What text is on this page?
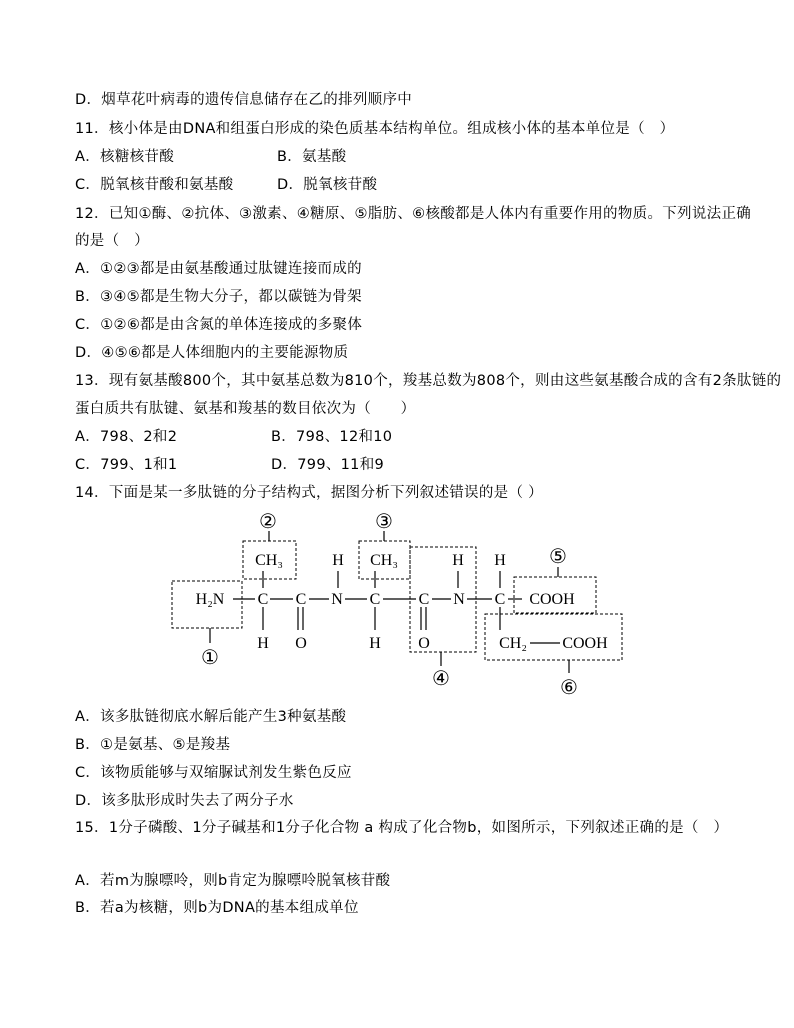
D．烟草花叶病毒的遗传信息储存在乙的排列顺序中
11．核小体是由DNA和组蛋白形成的染色质基本结构单位。组成核小体的基本单位是（　）
A．核糖核苷酸	B．氨基酸
C．脱氧核苷酸和氨基酸	D．脱氧核苷酸
12．已知①酶、②抗体、③激素、④糖原、⑤脂肪、⑥核酸都是人体内有重要作用的物质。下列说法正确
的是（　）
A．①②③都是由氨基酸通过肽键连接而成的
B．③④⑤都是生物大分子，都以碳链为骨架
C．①②⑥都是由含氮的单体连接成的多聚体
D．④⑤⑥都是人体细胞内的主要能源物质
13．现有氨基酸800个，其中氨基总数为810个，羧基总数为808个，则由这些氨基酸合成的含有2条肽链的
蛋白质共有肽键、氨基和羧基的数目依次为（　　）
A．798、2和2	B．798、12和10
C．799、1和1	D．799、11和9
14．下面是某一多肽链的分子结构式，据图分析下列叙述错误的是（ ）
②	③
⑤
①
④	⑥
CH₃	H CH₃	H H
H₂N C C N C C N C COOH
H O	H O	CH₂ COOH
A．该多肽链彻底水解后能产生3种氨基酸
B．①是氨基、⑤是羧基
C．该物质能够与双缩脲试剂发生紫色反应
D．该多肽形成时失去了两分子水
15．1分子磷酸、1分子碱基和1分子化合物 a 构成了化合物b，如图所示，下列叙述正确的是（　）
A．若m为腺嘌呤，则b肯定为腺嘌呤脱氧核苷酸
B．若a为核糖，则b为DNA的基本组成单位
